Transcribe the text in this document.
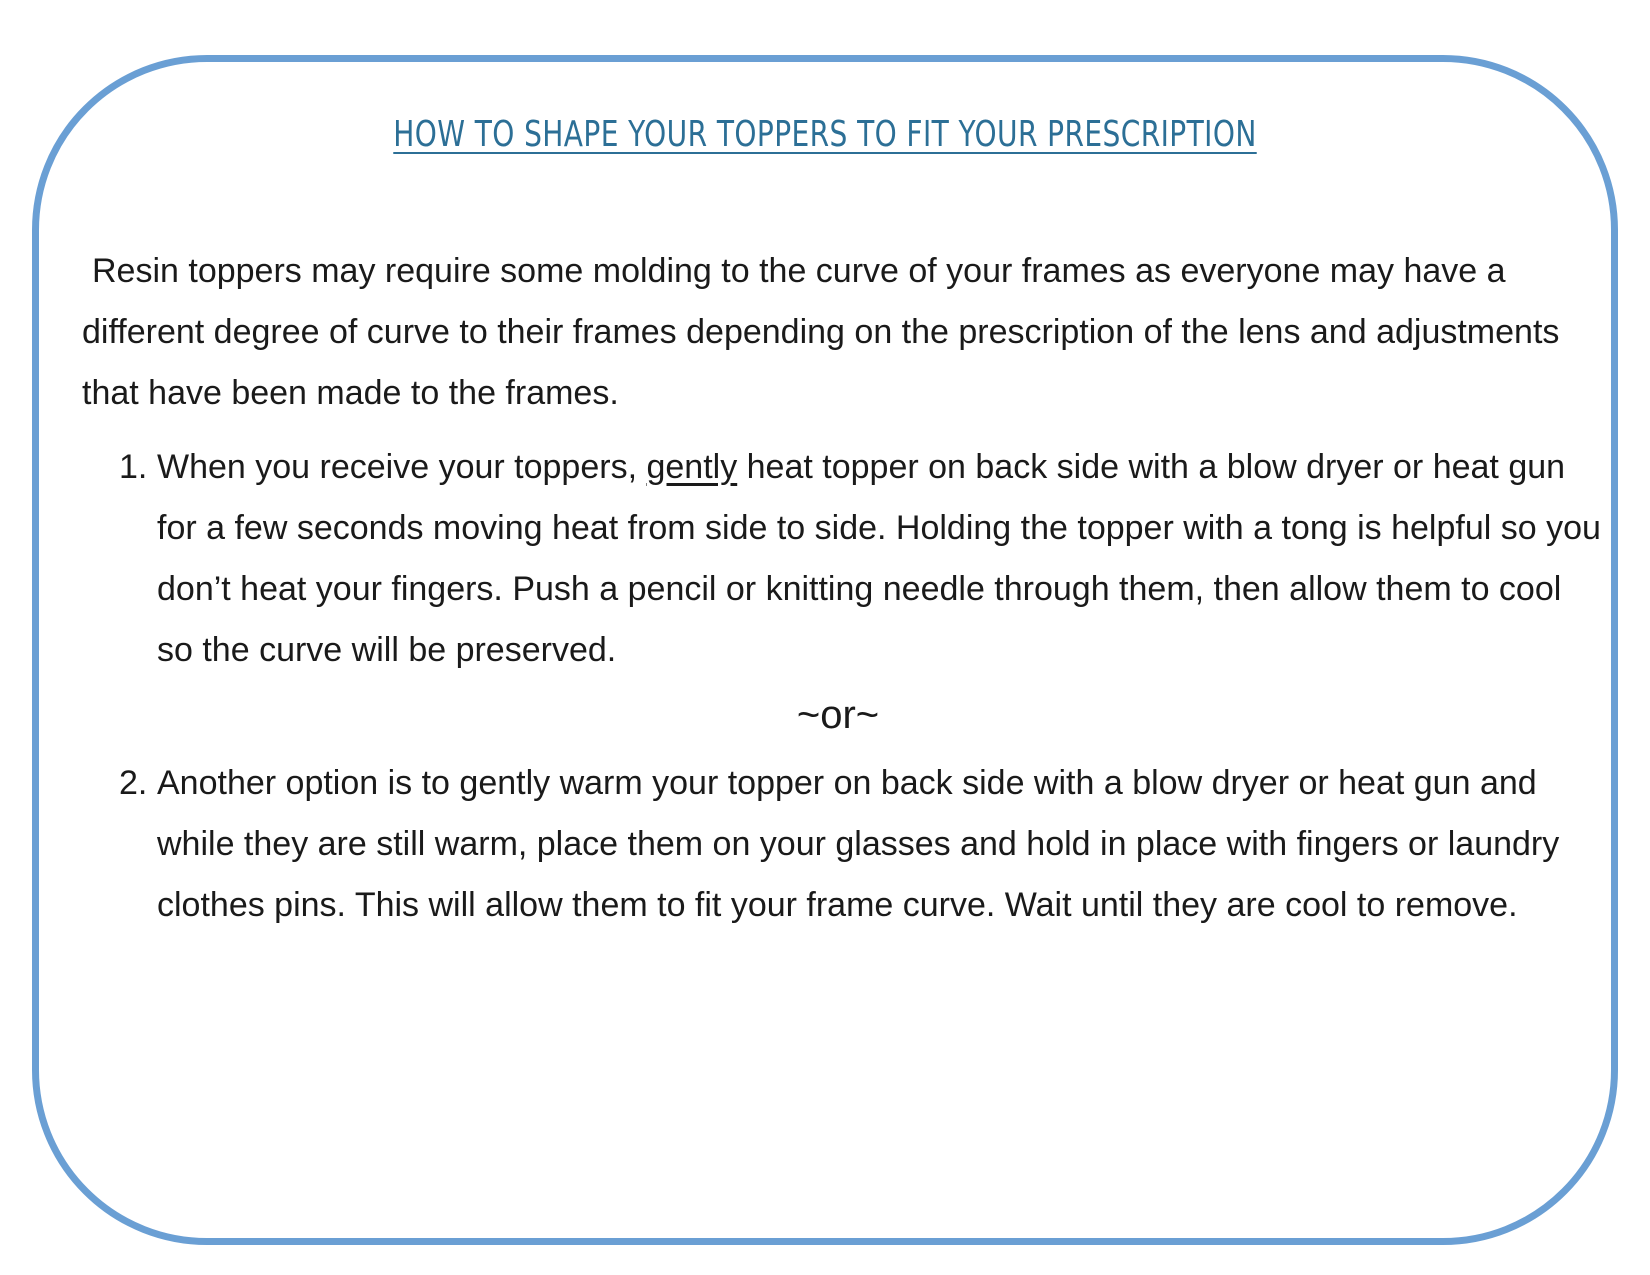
HOW TO SHAPE YOUR TOPPERS TO FIT YOUR PRESCRIPTION

Resin toppers may require some molding to the curve of your frames as everyone may have a different degree of curve to their frames depending on the prescription of the lens and adjustments that have been made to the frames.

1. When you receive your toppers, gently heat topper on back side with a blow dryer or heat gun for a few seconds moving heat from side to side. Holding the topper with a tong is helpful so you don’t heat your fingers. Push a pencil or knitting needle through them, then allow them to cool so the curve will be preserved.
~or~
2. Another option is to gently warm your topper on back side with a blow dryer or heat gun and while they are still warm, place them on your glasses and hold in place with fingers or laundry clothes pins. This will allow them to fit your frame curve. Wait until they are cool to remove.
